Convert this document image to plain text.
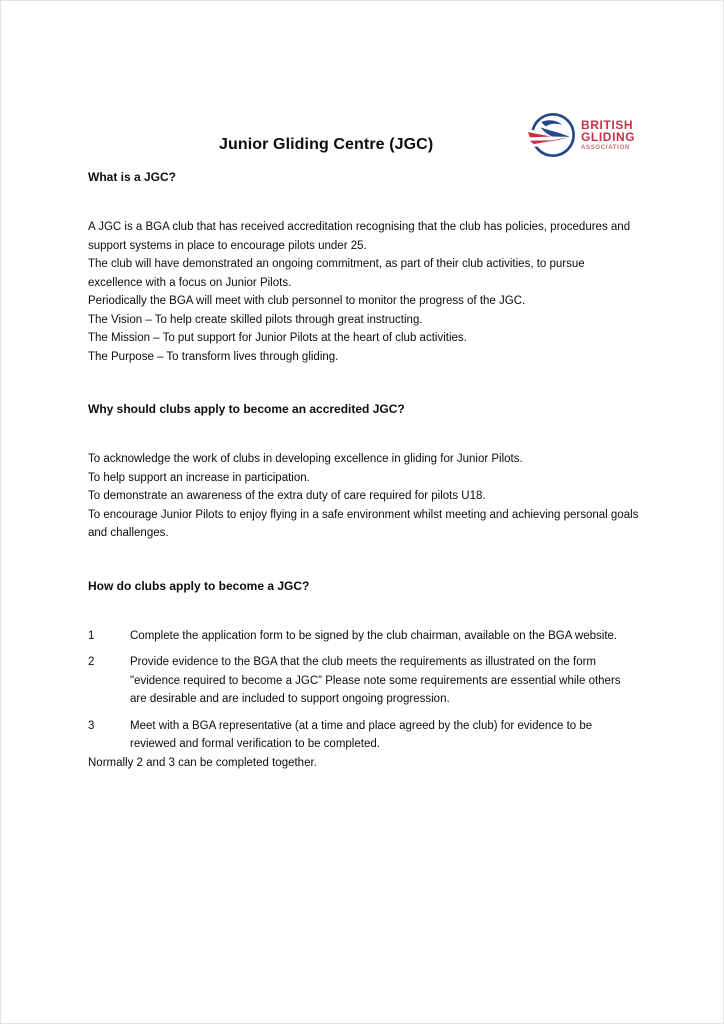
Junior Gliding Centre (JGC)
BRITISH
GLIDING
ASSOCIATION
What is a JGC?

A JGC is a BGA club that has received accreditation recognising that the club has policies, procedures and support systems in place to encourage pilots under 25.

The club will have demonstrated an ongoing commitment, as part of their club activities, to pursue excellence with a focus on Junior Pilots.

Periodically the BGA will meet with club personnel to monitor the progress of the JGC.

The Vision – To help create skilled pilots through great instructing.

The Mission – To put support for Junior Pilots at the heart of club activities.

The Purpose – To transform lives through gliding.

Why should clubs apply to become an accredited JGC?

To acknowledge the work of clubs in developing excellence in gliding for Junior Pilots.

To help support an increase in participation.

To demonstrate an awareness of the extra duty of care required for pilots U18.

To encourage Junior Pilots to enjoy flying in a safe environment whilst meeting and achieving personal goals and challenges.

How do clubs apply to become a JGC?
1	Complete the application form to be signed by the club chairman, available on the BGA website.
2	Provide evidence to the BGA that the club meets the requirements as illustrated on the form "evidence required to become a JGC” Please note some requirements are essential while others are desirable and are included to support ongoing progression.
3	Meet with a BGA representative (at a time and place agreed by the club) for evidence to be reviewed and formal verification to be completed.

Normally 2 and 3 can be completed together.
